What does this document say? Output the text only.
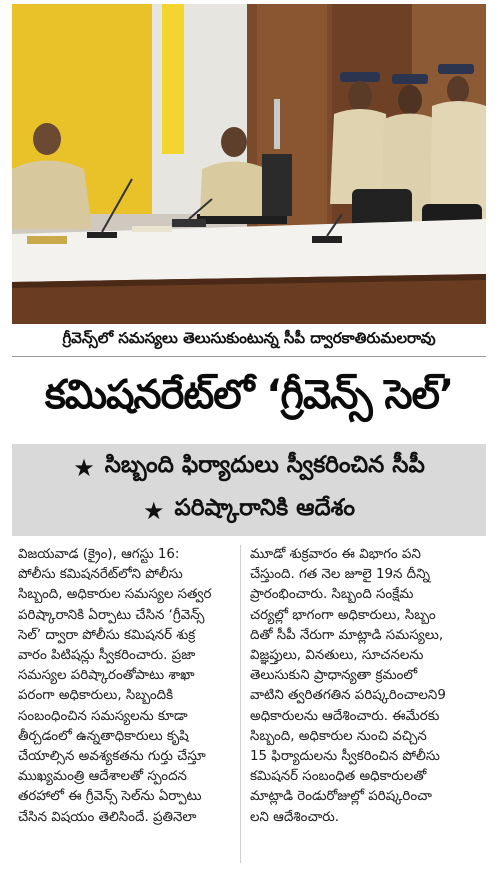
గ్రీవెన్స్‌లో సమస్యలు తెలుసుకుంటున్న సీపీ ద్వారకాతిరుమలరావు
కమిషనరేట్‌లో ‘గ్రీవెన్స్ సెల్’
★ సిబ్బంది ఫిర్యాదులు స్వీకరించిన సీపీ
★ పరిష్కారానికి ఆదేశం
విజయవాడ (క్రైం), ఆగస్టు 16:
పోలీసు కమిషనరేట్‌లోని పోలీసు
సిబ్బంది, అధికారుల సమస్యల సత్వర
పరిష్కారానికి ఏర్పాటు చేసిన ‘గ్రీవెన్స్
సెల్’ ద్వారా పోలీసు కమిషనర్ శుక్ర
వారం పిటిషన్లు స్వీకరించారు. ప్రజా
సమస్యల పరిష్కారంతోపాటు శాఖా
పరంగా అధికారులు, సిబ్బందికి
సంబంధించిన సమస్యలను కూడా
తీర్చడంలో ఉన్నతాధికారులు కృషి
చేయాల్సిన అవశ్యకతను గుర్తు చేస్తూ
ముఖ్యమంత్రి ఆదేశాలతో స్పందన
తరహాలో ఈ గ్రీవెన్స్ సెల్‌ను ఏర్పాటు
చేసిన విషయం తెలిసిందే. ప్రతినెలా
మూడో శుక్రవారం ఈ విభాగం పని
చేస్తుంది. గత నెల జూలై 19న దీన్ని
ప్రారంభించారు. సిబ్బంది సంక్షేమ
చర్యల్లో భాగంగా అధికారులు, సిబ్బం
దితో సీపీ నేరుగా మాట్లాడి సమస్యలు,
విజ్ఞప్తులు, వినతులు, సూచనలను
తెలుసుకుని ప్రాధాన్యతా క్రమంలో
వాటిని త్వరితగతిన పరిష్కరించాలని9
అధికారులను ఆదేశించారు. ఈమేరకు
సిబ్బంది, అధికారుల నుంచి వచ్చిన
15 ఫిర్యాదులను స్వీకరించిన పోలీసు
కమిషనర్ సంబంధిత అధికారులతో
మాట్లాడి రెండురోజుల్లో పరిష్కరించా
లని ఆదేశించారు.
